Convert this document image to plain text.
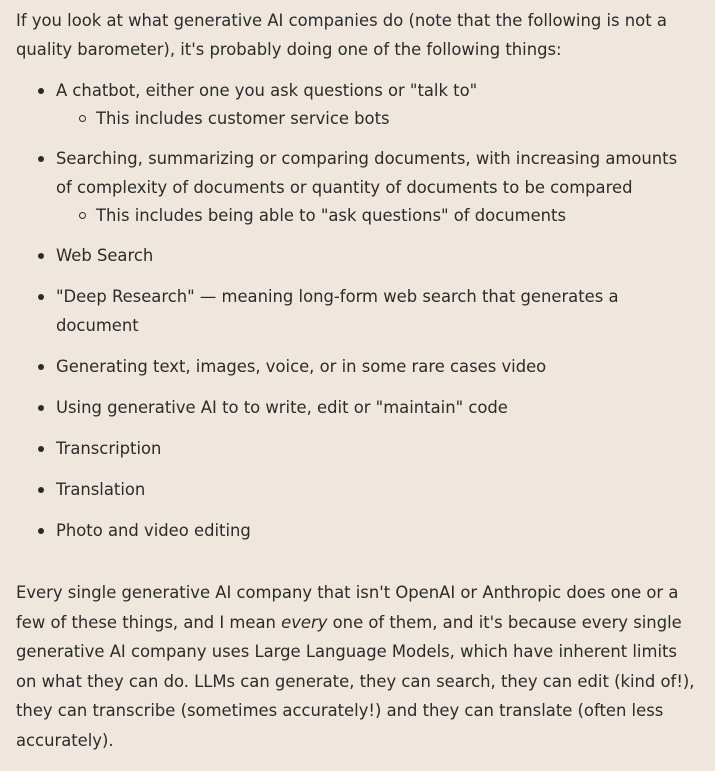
If you look at what generative AI companies do (note that the following is not a quality barometer), it's probably doing one of the following things:

A chatbot, either one you ask questions or "talk to"
This includes customer service bots
Searching, summarizing or comparing documents, with increasing amounts of complexity of documents or quantity of documents to be compared
This includes being able to "ask questions" of documents
Web Search
"Deep Research" — meaning long-form web search that generates a document
Generating text, images, voice, or in some rare cases video
Using generative AI to to write, edit or "maintain" code
Transcription
Translation
Photo and video editing

Every single generative AI company that isn't OpenAI or Anthropic does one or a few of these things, and I mean every one of them, and it's because every single generative AI company uses Large Language Models, which have inherent limits on what they can do. LLMs can generate, they can search, they can edit (kind of!), they can transcribe (sometimes accurately!) and they can translate (often less accurately).
